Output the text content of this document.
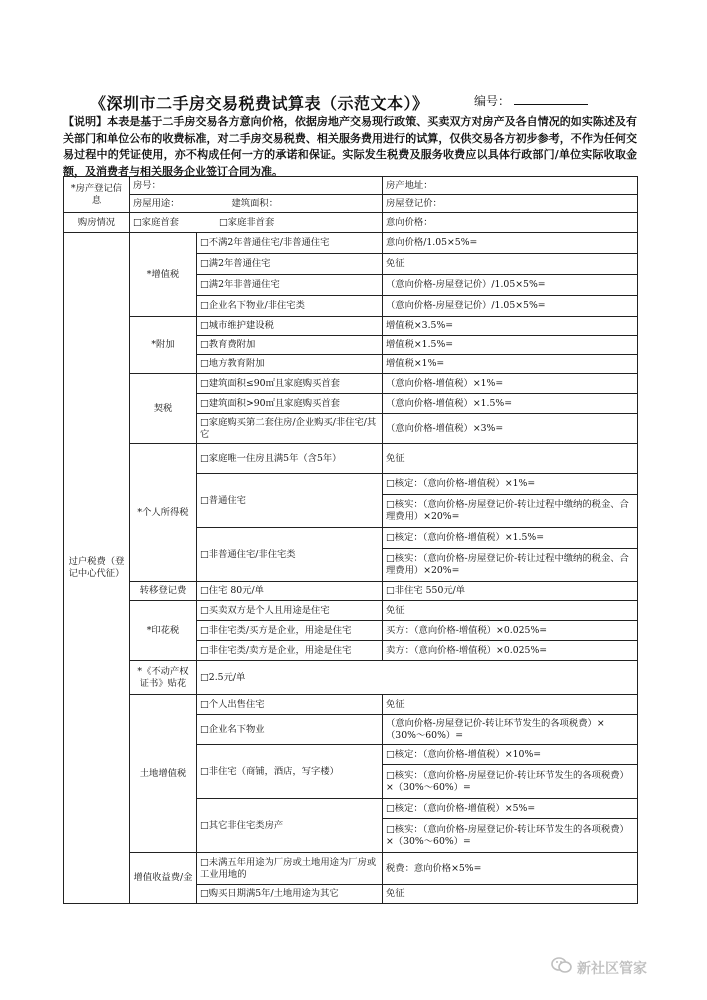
《深圳市二手房交易税费试算表（示范文本）》	编号：
【说明】本表是基于二手房交易各方意向价格，依据房地产交易现行政策、买卖双方对房产及各自情况的如实陈述及有关部门和单位公布的收费标准，对二手房交易税费、相关服务费用进行的试算，仅供交易各方初步参考，不作为任何交易过程中的凭证使用，亦不构成任何一方的承诺和保证。实际发生税费及服务收费应以具体行政部门/单位实际收取金额，及消费者与相关服务企业签订合同为准。
*房产登记信息	房号：		房产地址：
	房屋用途： 建筑面积：		房屋登记价：
购房情况	□家庭首套 □家庭非首套		意向价格：
过户税费（登记中心代征）	*增值税	□不满2年普通住宅/非普通住宅	意向价格/1.05×5%=
		□满2年普通住宅	免征
		□满2年非普通住宅	（意向价格-房屋登记价）/1.05×5%=
		□企业名下物业/非住宅类	（意向价格-房屋登记价）/1.05×5%=
	*附加	□城市维护建设税	增值税×3.5%=
		□教育费附加	增值税×1.5%=
		□地方教育附加	增值税×1%=
	契税	□建筑面积≤90㎡且家庭购买首套	（意向价格-增值税）×1%=
		□建筑面积>90㎡且家庭购买首套	（意向价格-增值税）×1.5%=
		□家庭购买第二套住房/企业购买/非住宅/其它	（意向价格-增值税）×3%=
	*个人所得税	□家庭唯一住房且满5年（含5年）	免征
		□普通住宅	□核定：（意向价格-增值税）×1%=
			□核实：（意向价格-房屋登记价-转让过程中缴纳的税金、合理费用）×20%=
		□非普通住宅/非住宅类	□核定：（意向价格-增值税）×1.5%=
			□核实：（意向价格-房屋登记价-转让过程中缴纳的税金、合理费用）×20%=
	转移登记费	□住宅 80元/单	□非住宅 550元/单
	*印花税	□买卖双方是个人且用途是住宅	免征
		□非住宅类/买方是企业，用途是住宅	买方：（意向价格-增值税）×0.025%=
		□非住宅类/卖方是企业，用途是住宅	卖方：（意向价格-增值税）×0.025%=
	*《不动产权证书》贴花	□2.5元/单	
	土地增值税	□个人出售住宅	免征
		□企业名下物业	（意向价格-房屋登记价-转让环节发生的各项税费）×（30%～60%）=
		□非住宅（商铺，酒店，写字楼）	□核定：（意向价格-增值税）×10%=
			□核实：（意向价格-房屋登记价-转让环节发生的各项税费）×（30%～60%）=
		□其它非住宅类房产	□核定：（意向价格-增值税）×5%=
			□核实：（意向价格-房屋登记价-转让环节发生的各项税费）×（30%～60%）=
	增值收益费/金	□未满五年用途为厂房或土地用途为厂房或工业用地的	税费：意向价格×5%=
		□购买日期满5年/土地用途为其它	免征
新社区管家
